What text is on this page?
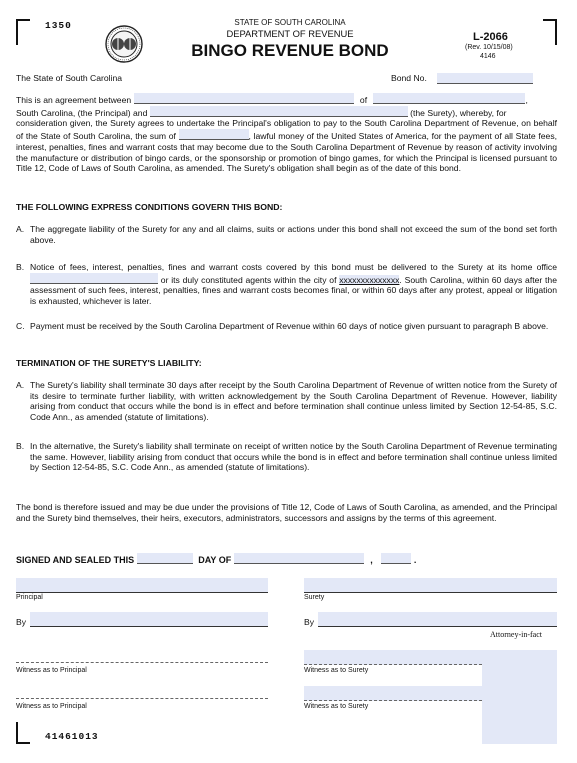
1350	STATE OF SOUTH CAROLINA
DEPARTMENT OF REVENUE
BINGO REVENUE BOND
L-2066
(Rev. 10/15/08)
4146
The State of South Carolina	Bond No.

This is an agreement between	of	,

South Carolina, (the Principal) and	(the Surety), whereby, for

consideration given, the Surety agrees to undertake the Principal's obligation to pay to the South Carolina Department of Revenue, on behalf of the State of South Carolina, the sum of	, lawful money of the United States of America, for the payment of all State fees, interest, penalties, fines and warrant costs that may become due to the South Carolina Department of Revenue by reason of activity involving the manufacture or distribution of bingo cards, or the sponsorship or promotion of bingo games, for which the Principal is licensed pursuant to Title 12, Code of Laws of South Carolina, as amended. The Surety's obligation shall begin as of the date of this bond.

THE FOLLOWING EXPRESS CONDITIONS GOVERN THIS BOND:
A. The aggregate liability of the Surety for any and all claims, suits or actions under this bond shall not exceed the sum of the bond set forth above.

B. Notice of fees, interest, penalties, fines and warrant costs covered by this bond must be delivered to the Surety at its home office  or its duly constituted agents within the city of xxxxxxxxxxxxxx. South Carolina, within 60 days after the assessment of such fees, interest, penalties, fines and warrant costs becomes final, or within 60 days after any protest, appeal or litigation is exhausted, whichever is later.

C. Payment must be received by the South Carolina Department of Revenue within 60 days of notice given pursuant to paragraph B above.

TERMINATION OF THE SURETY'S LIABILITY:
A. The Surety's liability shall terminate 30 days after receipt by the South Carolina Department of Revenue of written notice from the Surety of its desire to terminate further liability, with written acknowledgement by the South Carolina Department of Revenue. However, liability arising from conduct that occurs while the bond is in effect and before termination shall continue unless limited by Section 12-54-85, S.C. Code Ann., as amended (statute of limitations).

B. In the alternative, the Surety's liability shall terminate on receipt of written notice by the South Carolina Department of Revenue terminating the same. However, liability arising from conduct that occurs while the bond is in effect and before termination shall continue unless limited by Section 12-54-85, S.C. Code Ann., as amended (statute of limitations).

The bond is therefore issued and may be due under the provisions of Title 12, Code of Laws of South Carolina, as amended, and the Principal and the Surety bind themselves, their heirs, executors, administrators, successors and assigns by the terms of this agreement.
SIGNED AND SEALED THIS	DAY OF	,	.
Principal	Surety
By	By
Attorney-in-fact
Witness as to Principal	Witness as to Surety
Witness as to Principal	Witness as to Surety
41461013
